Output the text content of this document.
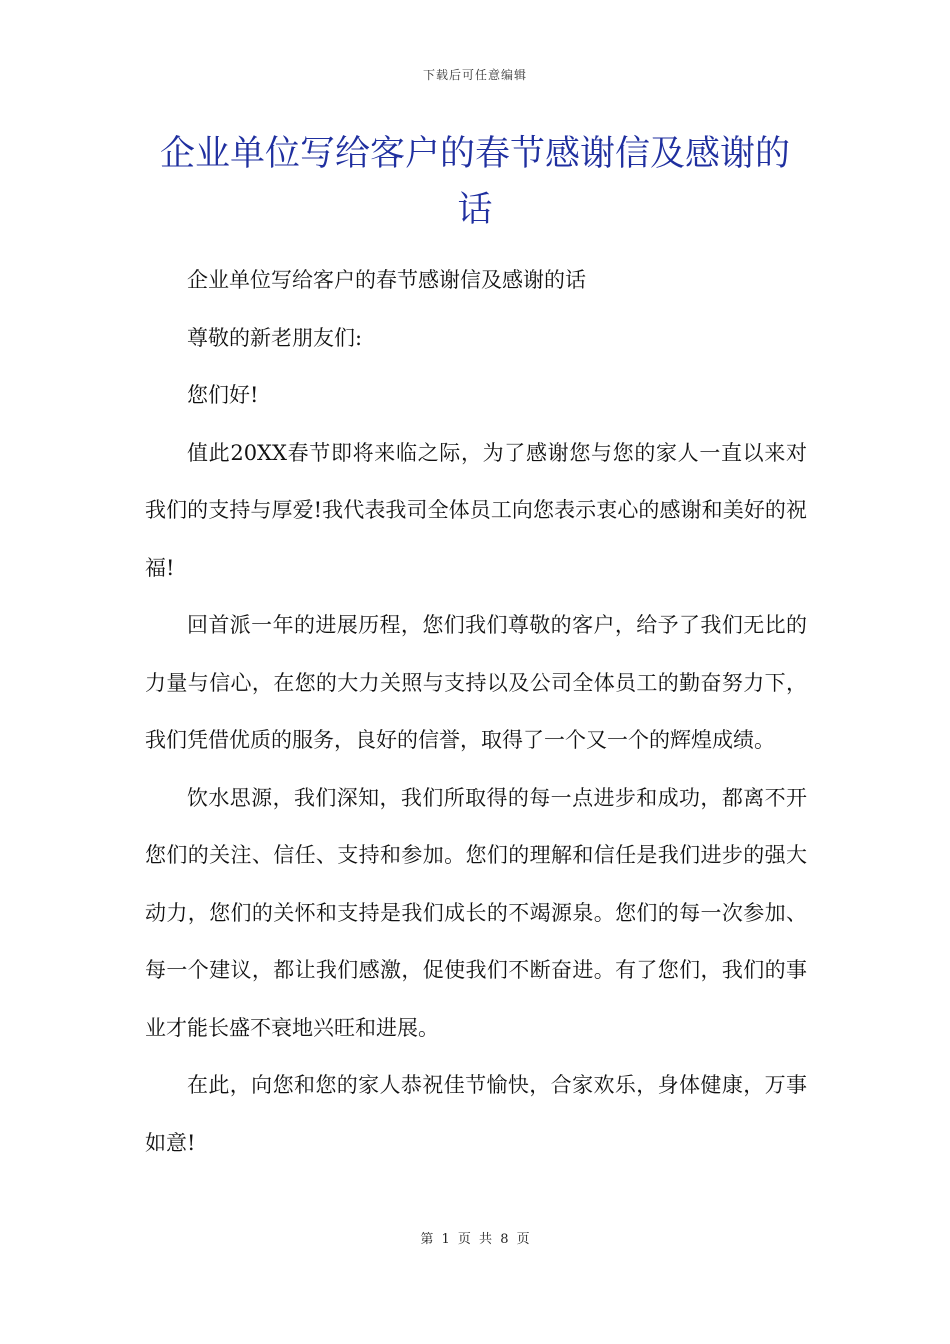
下载后可任意编辑
企业单位写给客户的春节感谢信及感谢的话

企业单位写给客户的春节感谢信及感谢的话

尊敬的新老朋友们:

您们好!

值此20XX春节即将来临之际，为了感谢您与您的家人一直以来对我们的支持与厚爱!我代表我司全体员工向您表示衷心的感谢和美好的祝福!

回首派一年的进展历程，您们我们尊敬的客户，给予了我们无比的力量与信心，在您的大力关照与支持以及公司全体员工的勤奋努力下，我们凭借优质的服务，良好的信誉，取得了一个又一个的辉煌成绩。

饮水思源，我们深知，我们所取得的每一点进步和成功，都离不开您们的关注、信任、支持和参加。您们的理解和信任是我们进步的强大动力，您们的关怀和支持是我们成长的不竭源泉。您们的每一次参加、每一个建议，都让我们感激，促使我们不断奋进。有了您们，我们的事业才能长盛不衰地兴旺和进展。

在此，向您和您的家人恭祝佳节愉快，合家欢乐，身体健康，万事如意!

第 1 页 共 8 页
